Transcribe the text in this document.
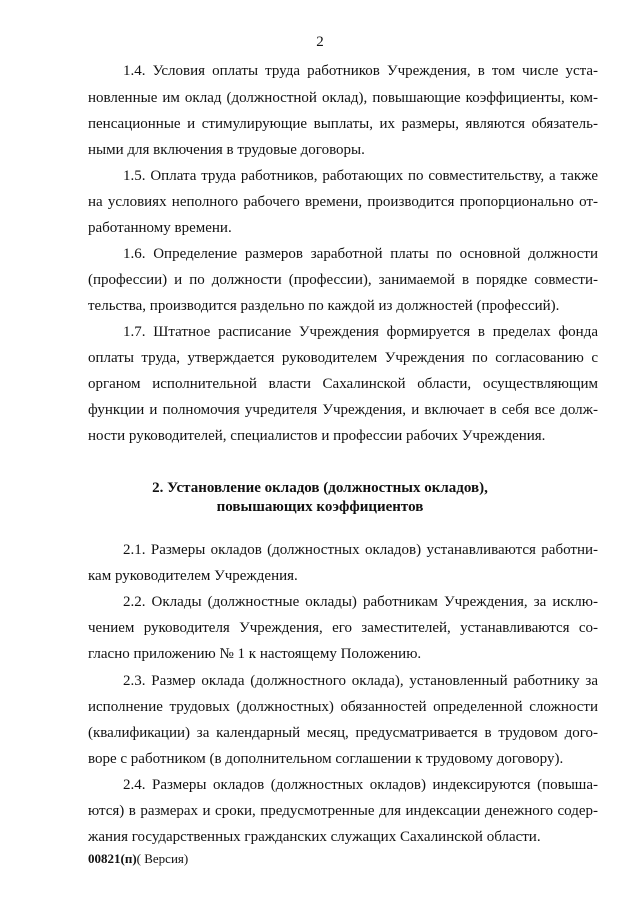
2
1.4. Условия оплаты труда работников Учреждения, в том числе уста-
новленные им оклад (должностной оклад), повышающие коэффициенты, ком-
пенсационные и стимулирующие выплаты, их размеры, являются обязатель-
ными для включения в трудовые договоры.
1.5. Оплата труда работников, работающих по совместительству, а также
на условиях неполного рабочего времени, производится пропорционально от-
работанному времени.
1.6. Определение размеров заработной платы по основной должности
(профессии) и по должности (профессии), занимаемой в порядке совмести-
тельства, производится раздельно по каждой из должностей (профессий).
1.7. Штатное расписание Учреждения формируется в пределах фонда
оплаты труда, утверждается руководителем Учреждения по согласованию с
органом исполнительной власти Сахалинской области, осуществляющим
функции и полномочия учредителя Учреждения, и включает в себя все долж-
ности руководителей, специалистов и профессии рабочих Учреждения.
2. Установление окладов (должностных окладов),
повышающих коэффициентов
2.1. Размеры окладов (должностных окладов) устанавливаются работни-
кам руководителем Учреждения.
2.2. Оклады (должностные оклады) работникам Учреждения, за исклю-
чением руководителя Учреждения, его заместителей, устанавливаются со-
гласно приложению № 1 к настоящему Положению.
2.3. Размер оклада (должностного оклада), установленный работнику за
исполнение трудовых (должностных) обязанностей определенной сложности
(квалификации) за календарный месяц, предусматривается в трудовом дого-
воре с работником (в дополнительном соглашении к трудовому договору).
2.4. Размеры окладов (должностных окладов) индексируются (повыша-
ются) в размерах и сроки, предусмотренные для индексации денежного содер-
жания государственных гражданских служащих Сахалинской области.
00821(п)( Версия)
